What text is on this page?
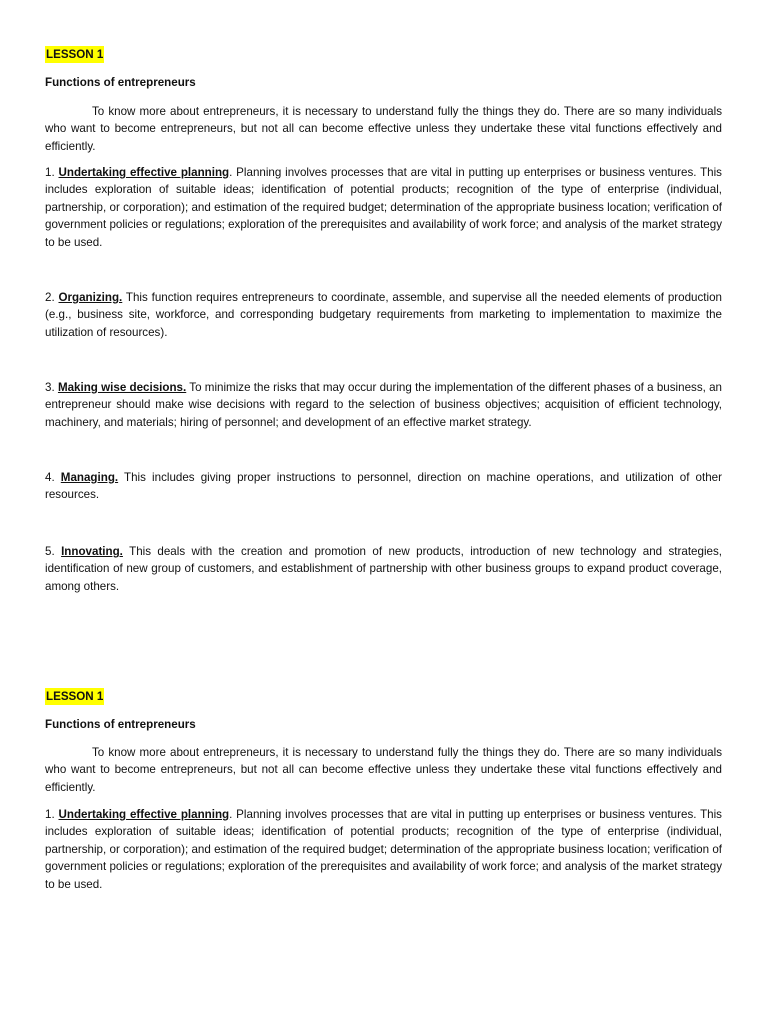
LESSON 1
Functions of entrepreneurs

To know more about entrepreneurs, it is necessary to understand fully the things they do. There are so many individuals who want to become entrepreneurs, but not all can become effective unless they undertake these vital functions effectively and efficiently.

1. Undertaking effective planning. Planning involves processes that are vital in putting up enterprises or business ventures. This includes exploration of suitable ideas; identification of potential products; recognition of the type of enterprise (individual, partnership, or corporation); and estimation of the required budget; determination of the appropriate business location; verification of government policies or regulations; exploration of the prerequisites and availability of work force; and analysis of the market strategy to be used.

2. Organizing. This function requires entrepreneurs to coordinate, assemble, and supervise all the needed elements of production (e.g., business site, workforce, and corresponding budgetary requirements from marketing to implementation to maximize the utilization of resources).

3. Making wise decisions. To minimize the risks that may occur during the implementation of the different phases of a business, an entrepreneur should make wise decisions with regard to the selection of business objectives; acquisition of efficient technology, machinery, and materials; hiring of personnel; and development of an effective market strategy.

4. Managing. This includes giving proper instructions to personnel, direction on machine operations, and utilization of other resources.

5. Innovating. This deals with the creation and promotion of new products, introduction of new technology and strategies, identification of new group of customers, and establishment of partnership with other business groups to expand product coverage, among others.

LESSON 1
Functions of entrepreneurs

To know more about entrepreneurs, it is necessary to understand fully the things they do. There are so many individuals who want to become entrepreneurs, but not all can become effective unless they undertake these vital functions effectively and efficiently.

1. Undertaking effective planning. Planning involves processes that are vital in putting up enterprises or business ventures. This includes exploration of suitable ideas; identification of potential products; recognition of the type of enterprise (individual, partnership, or corporation); and estimation of the required budget; determination of the appropriate business location; verification of government policies or regulations; exploration of the prerequisites and availability of work force; and analysis of the market strategy to be used.
